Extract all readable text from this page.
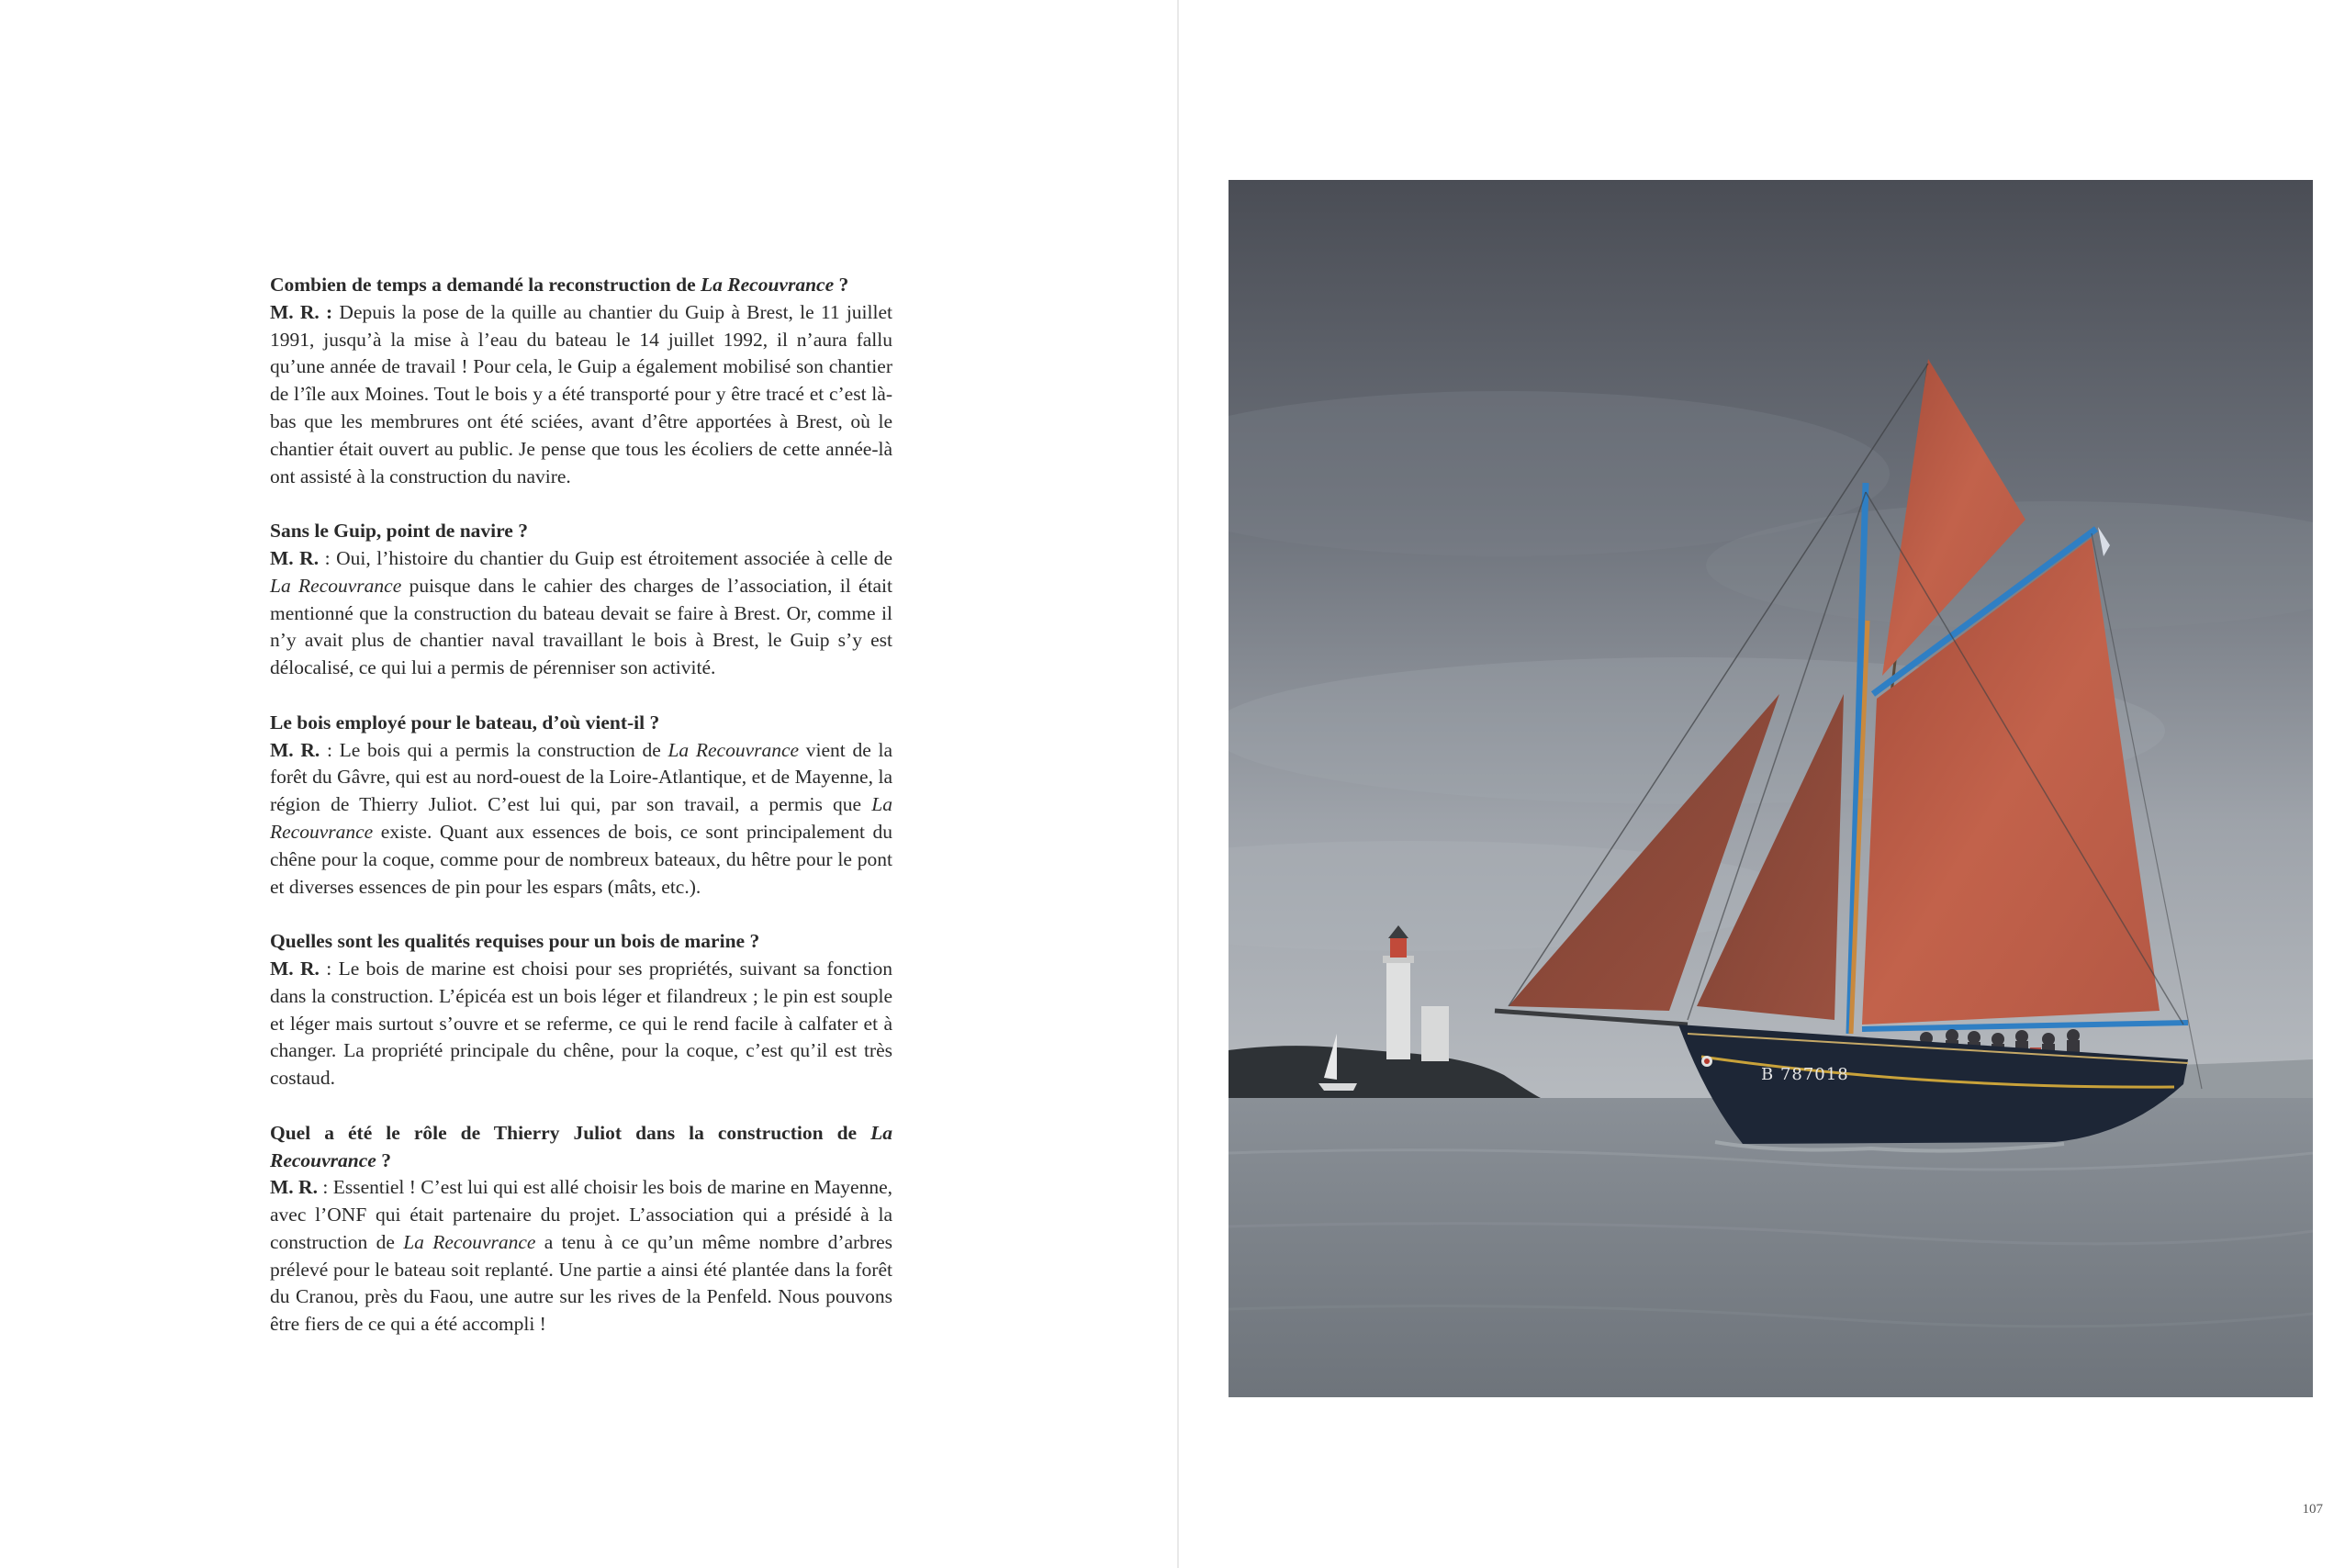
Combien de temps a demandé la reconstruction de La Recouvrance ?
M. R. : Depuis la pose de la quille au chantier du Guip à Brest, le 11 juillet 1991, jusqu’à la mise à l’eau du bateau le 14 juillet 1992, il n’aura fallu qu’une année de travail ! Pour cela, le Guip a également mobilisé son chantier de l’île aux Moines. Tout le bois y a été transporté pour y être tracé et c’est là-bas que les membrures ont été sciées, avant d’être apportées à Brest, où le chantier était ouvert au public. Je pense que tous les écoliers de cette année-là ont assisté à la construction du navire.

Sans le Guip, point de navire ?
M. R. : Oui, l’histoire du chantier du Guip est étroitement associée à celle de La Recouvrance puisque dans le cahier des charges de l’association, il était mentionné que la construction du bateau devait se faire à Brest. Or, comme il n’y avait plus de chantier naval travaillant le bois à Brest, le Guip s’y est délocalisé, ce qui lui a permis de pérenniser son activité.

Le bois employé pour le bateau, d’où vient-il ?
M. R. : Le bois qui a permis la construction de La Recouvrance vient de la forêt du Gâvre, qui est au nord-ouest de la Loire-Atlantique, et de Mayenne, la région de Thierry Juliot. C’est lui qui, par son travail, a permis que La Recouvrance existe. Quant aux essences de bois, ce sont principalement du chêne pour la coque, comme pour de nombreux bateaux, du hêtre pour le pont et diverses essences de pin pour les espars (mâts, etc.).

Quelles sont les qualités requises pour un bois de marine ?
M. R. : Le bois de marine est choisi pour ses propriétés, suivant sa fonction dans la construction. L’épicéa est un bois léger et filandreux ; le pin est souple et léger mais surtout s’ouvre et se referme, ce qui le rend facile à calfater et à changer. La propriété principale du chêne, pour la coque, c’est qu’il est très costaud.

Quel a été le rôle de Thierry Juliot dans la construction de La Recouvrance ?
M. R. : Essentiel ! C’est lui qui est allé choisir les bois de marine en Mayenne, avec l’ONF qui était partenaire du projet. L’association qui a présidé à la construction de La Recouvrance a tenu à ce qu’un même nombre d’arbres prélevé pour le bateau soit replanté. Une partie a ainsi été plantée dans la forêt du Cranou, près du Faou, une autre sur les rives de la Penfeld. Nous pouvons être fiers de ce qui a été accompli !

B 787018
107
